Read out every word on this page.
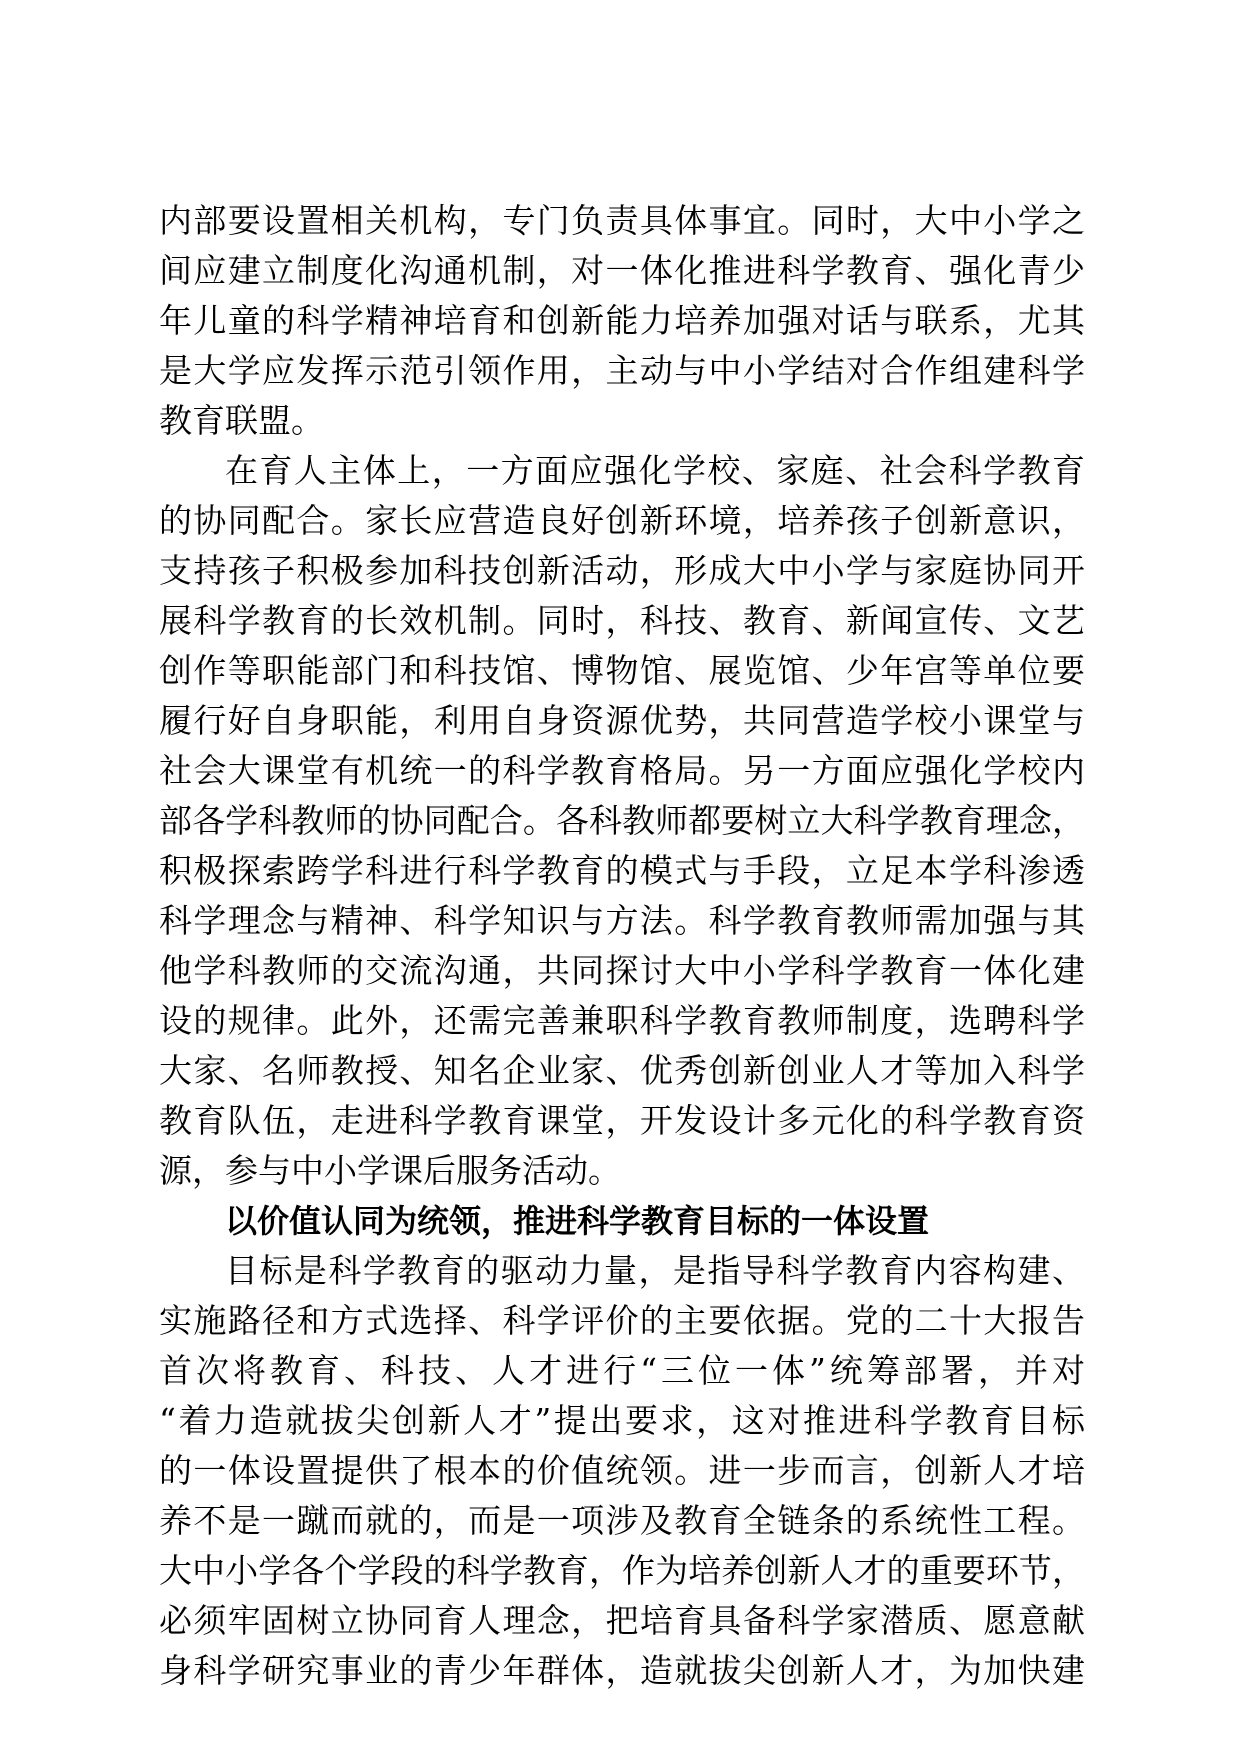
内部要设置相关机构，专门负责具体事宜。同时，大中小学之
间应建立制度化沟通机制，对一体化推进科学教育、强化青少
年儿童的科学精神培育和创新能力培养加强对话与联系，尤其
是大学应发挥示范引领作用，主动与中小学结对合作组建科学
教育联盟。
在育人主体上，一方面应强化学校、家庭、社会科学教育
的协同配合。家长应营造良好创新环境，培养孩子创新意识，
支持孩子积极参加科技创新活动，形成大中小学与家庭协同开
展科学教育的长效机制。同时，科技、教育、新闻宣传、文艺
创作等职能部门和科技馆、博物馆、展览馆、少年宫等单位要
履行好自身职能，利用自身资源优势，共同营造学校小课堂与
社会大课堂有机统一的科学教育格局。另一方面应强化学校内
部各学科教师的协同配合。各科教师都要树立大科学教育理念，
积极探索跨学科进行科学教育的模式与手段，立足本学科渗透
科学理念与精神、科学知识与方法。科学教育教师需加强与其
他学科教师的交流沟通，共同探讨大中小学科学教育一体化建
设的规律。此外，还需完善兼职科学教育教师制度，选聘科学
大家、名师教授、知名企业家、优秀创新创业人才等加入科学
教育队伍，走进科学教育课堂，开发设计多元化的科学教育资
源，参与中小学课后服务活动。
以价值认同为统领，推进科学教育目标的一体设置
目标是科学教育的驱动力量，是指导科学教育内容构建、
实施路径和方式选择、科学评价的主要依据。党的二十大报告
首次将教育、科技、人才进行“三位一体”统筹部署，并对
“着力造就拔尖创新人才”提出要求，这对推进科学教育目标
的一体设置提供了根本的价值统领。进一步而言，创新人才培
养不是一蹴而就的，而是一项涉及教育全链条的系统性工程。
大中小学各个学段的科学教育，作为培养创新人才的重要环节，
必须牢固树立协同育人理念，把培育具备科学家潜质、愿意献
身科学研究事业的青少年群体，造就拔尖创新人才，为加快建
